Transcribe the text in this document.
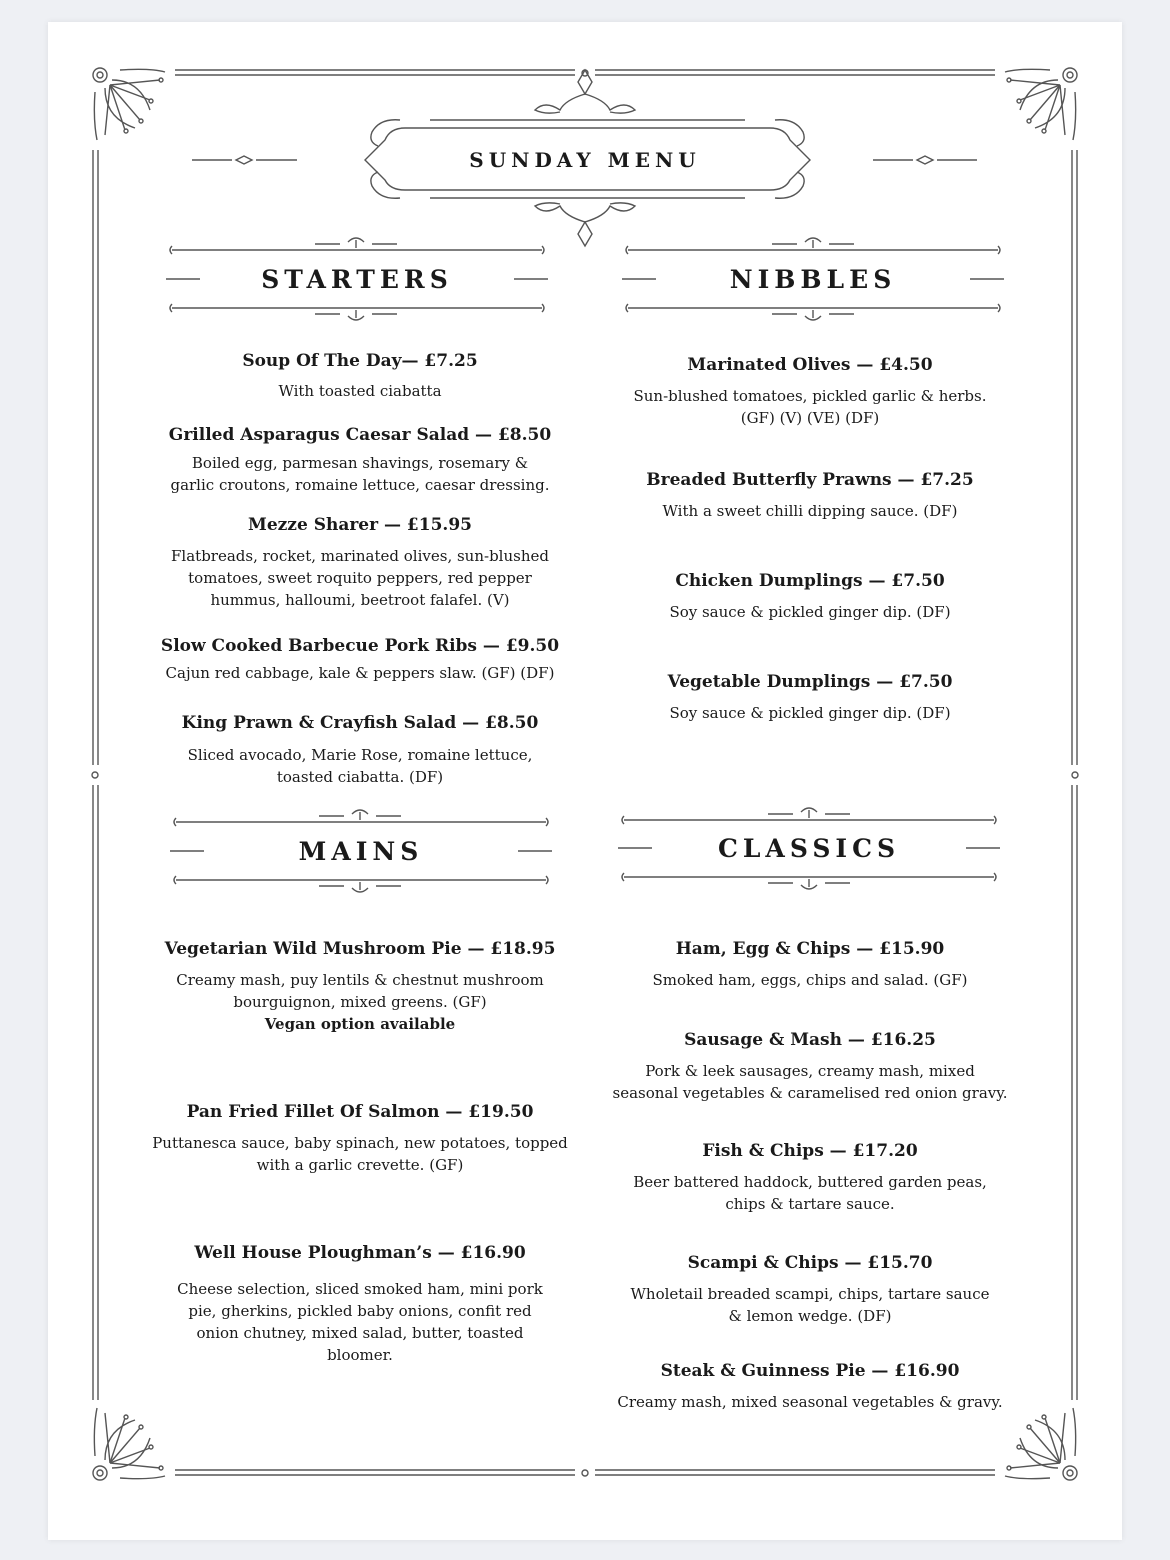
SUNDAY MENU
STARTERS	NIBBLES
MAINS	CLASSICS
Soup Of The Day— £7.25
With toasted ciabatta
Grilled Asparagus Caesar Salad — £8.50
Boiled egg, parmesan shavings, rosemary & garlic croutons, romaine lettuce, caesar dressing.
Mezze Sharer — £15.95
Flatbreads, rocket, marinated olives, sun-blushed tomatoes, sweet roquito peppers, red pepper hummus, halloumi, beetroot falafel. (V)
Slow Cooked Barbecue Pork Ribs — £9.50
Cajun red cabbage, kale & peppers slaw. (GF) (DF)
King Prawn & Crayfish Salad — £8.50
Sliced avocado, Marie Rose, romaine lettuce, toasted ciabatta. (DF)
Marinated Olives — £4.50
Sun-blushed tomatoes, pickled garlic & herbs. (GF) (V) (VE) (DF)
Breaded Butterfly Prawns — £7.25
With a sweet chilli dipping sauce. (DF)
Chicken Dumplings — £7.50
Soy sauce & pickled ginger dip. (DF)
Vegetable Dumplings — £7.50
Soy sauce & pickled ginger dip. (DF)
Vegetarian Wild Mushroom Pie — £18.95
Creamy mash, puy lentils & chestnut mushroom bourguignon, mixed greens. (GF)
Vegan option available
Pan Fried Fillet Of Salmon — £19.50
Puttanesca sauce, baby spinach, new potatoes, topped with a garlic crevette. (GF)
Well House Ploughman’s — £16.90
Cheese selection, sliced smoked ham, mini pork pie, gherkins, pickled baby onions, confit red onion chutney, mixed salad, butter, toasted bloomer.
Ham, Egg & Chips — £15.90
Smoked ham, eggs, chips and salad. (GF)
Sausage & Mash — £16.25
Pork & leek sausages, creamy mash, mixed seasonal vegetables & caramelised red onion gravy.
Fish & Chips — £17.20
Beer battered haddock, buttered garden peas, chips & tartare sauce.
Scampi & Chips — £15.70
Wholetail breaded scampi, chips, tartare sauce & lemon wedge. (DF)
Steak & Guinness Pie — £16.90
Creamy mash, mixed seasonal vegetables & gravy.
